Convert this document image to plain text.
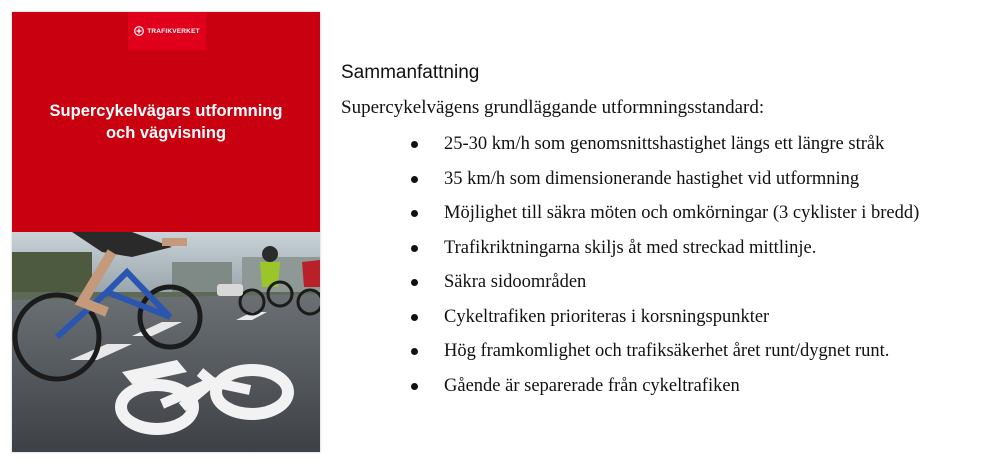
TRAFIKVERKET
Supercykelvägars utformning
och vägvisning
Sammanfattning

Supercykelvägens grundläggande utformningsstandard:

25-30 km/h som genomsnittshastighet längs ett längre stråk
35 km/h som dimensionerande hastighet vid utformning
Möjlighet till säkra möten och omkörningar (3 cyklister i bredd)
Trafikriktningarna skiljs åt med streckad mittlinje.
Säkra sidoområden
Cykeltrafiken prioriteras i korsningspunkter
Hög framkomlighet och trafiksäkerhet året runt/dygnet runt.
Gående är separerade från cykeltrafiken
